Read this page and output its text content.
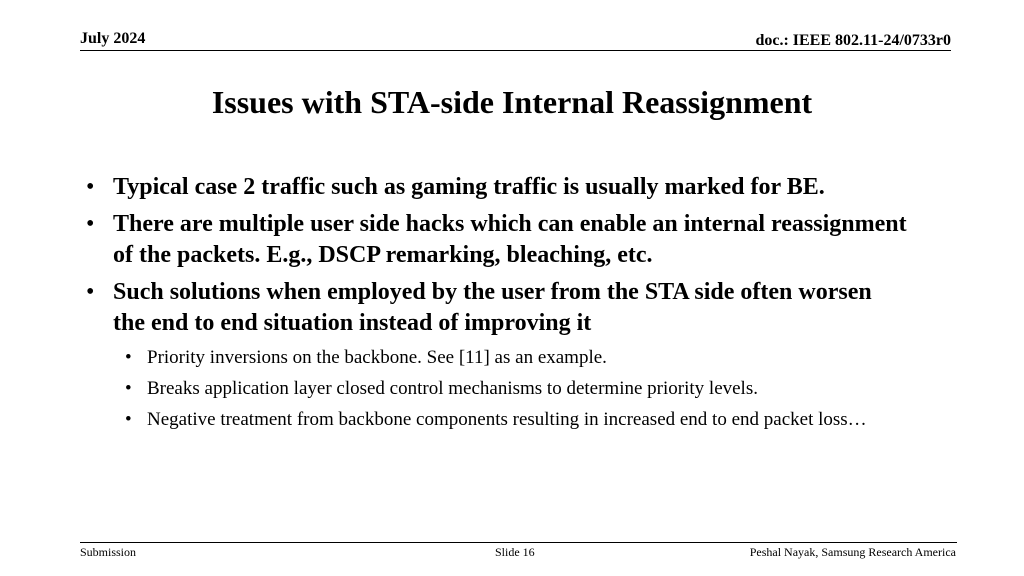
July 2024	doc.: IEEE 802.11-24/0733r0
Issues with STA-side Internal Reassignment
• Typical case 2 traffic such as gaming traffic is usually marked for BE.
• There are multiple user side hacks which can enable an internal reassignment
of the packets. E.g., DSCP remarking, bleaching, etc.
• Such solutions when employed by the user from the STA side often worsen
the end to end situation instead of improving it
• Priority inversions on the backbone. See [11] as an example.
• Breaks application layer closed control mechanisms to determine priority levels.
• Negative treatment from backbone components resulting in increased end to end packet loss…
Submission	Slide 16	Peshal Nayak, Samsung Research America
